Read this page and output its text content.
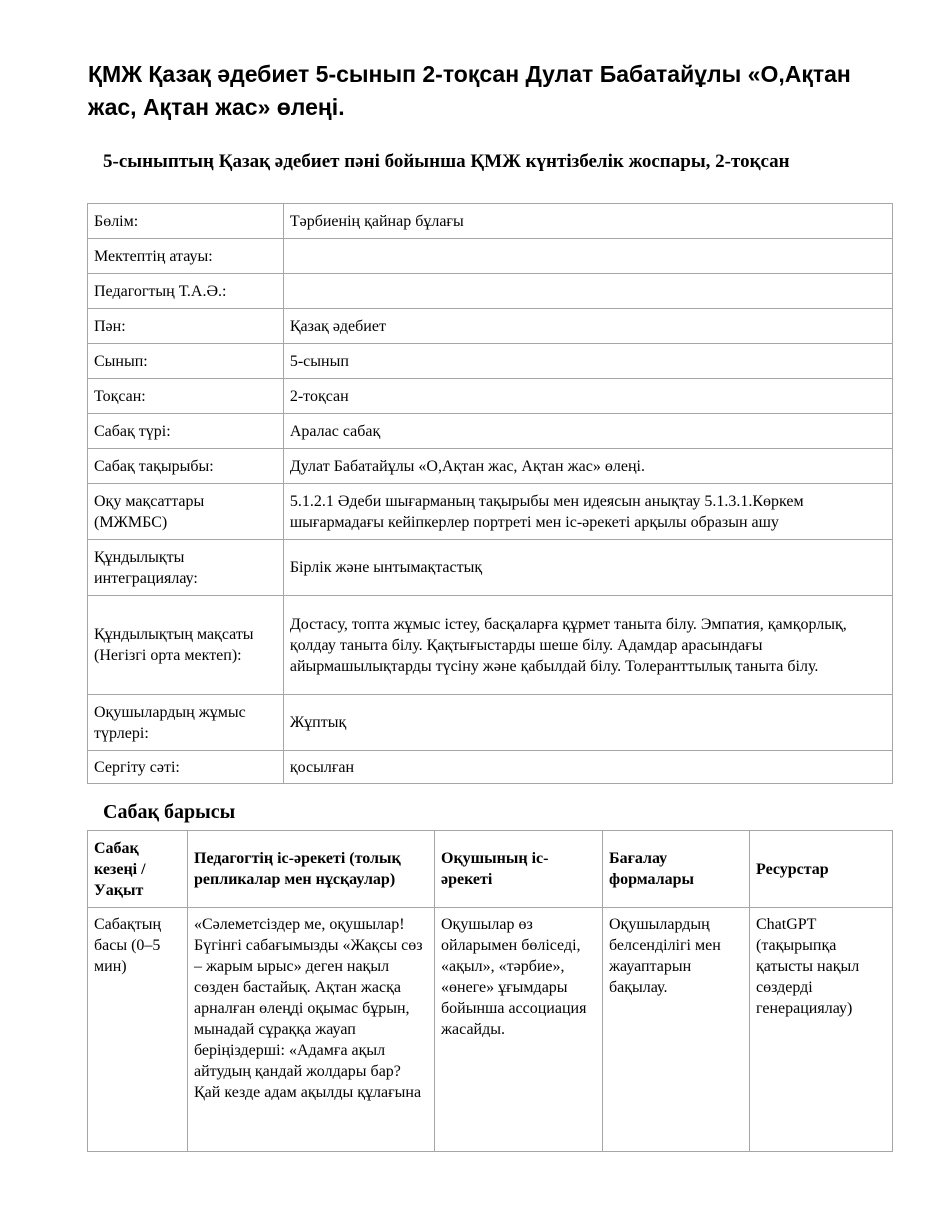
ҚМЖ Қазақ әдебиет 5-сынып 2-тоқсан Дулат Бабатайұлы «О,Ақтан жас, Ақтан жас» өлеңі.
5-сыныптың Қазақ әдебиет пәні бойынша ҚМЖ күнтізбелік жоспары, 2-тоқсан
Бөлім:	Тәрбиенің қайнар бұлағы
Мектептің атауы:	
Педагогтың Т.А.Ә.:	
Пән:	Қазақ әдебиет
Сынып:	5-сынып
Тоқсан:	2-тоқсан
Сабақ түрі:	Аралас сабақ
Сабақ тақырыбы:	Дулат Бабатайұлы «О,Ақтан жас, Ақтан жас» өлеңі.
Оқу мақсаттары (МЖМБС)	5.1.2.1 Әдеби шығарманың тақырыбы мен идеясын анықтау 5.1.3.1.Көркем шығармадағы кейіпкерлер портреті мен іс-әрекеті арқылы образын ашу
Құндылықты интеграциялау:	Бірлік және ынтымақтастық
Құндылықтың мақсаты (Негізгі орта мектеп):	Достасу, топта жұмыс істеу, басқаларға құрмет таныта білу. Эмпатия, қамқорлық, қолдау таныта білу. Қақтығыстарды шеше білу. Адамдар арасындағы айырмашылықтарды түсіну және қабылдай білу. Толеранттылық таныта білу.
Оқушылардың жұмыс түрлері:	Жұптық
Сергіту сәті:	қосылған
Сабақ барысы
Сабақ кезеңі / Уақыт	Педагогтің іс-әрекеті (толық репликалар мен нұсқаулар)	Оқушының іс-әрекеті	Бағалау формалары	Ресурстар
Сабақтың басы (0–5 мин)	«Сәлеметсіздер ме, оқушылар! Бүгінгі сабағымызды «Жақсы сөз – жарым ырыс» деген нақыл сөзден бастайық. Ақтан жасқа арналған өлеңді оқымас бұрын, мынадай сұраққа жауап беріңіздерші: «Адамға ақыл айтудың қандай жолдары бар? Қай кезде адам ақылды құлағына	Оқушылар өз ойларымен бөліседі, «ақыл», «тәрбие», «өнеге» ұғымдары бойынша ассоциация жасайды.	Оқушылардың белсенділігі мен жауаптарын бақылау.	ChatGPT (тақырыпқа қатысты нақыл сөздерді генерациялау)
